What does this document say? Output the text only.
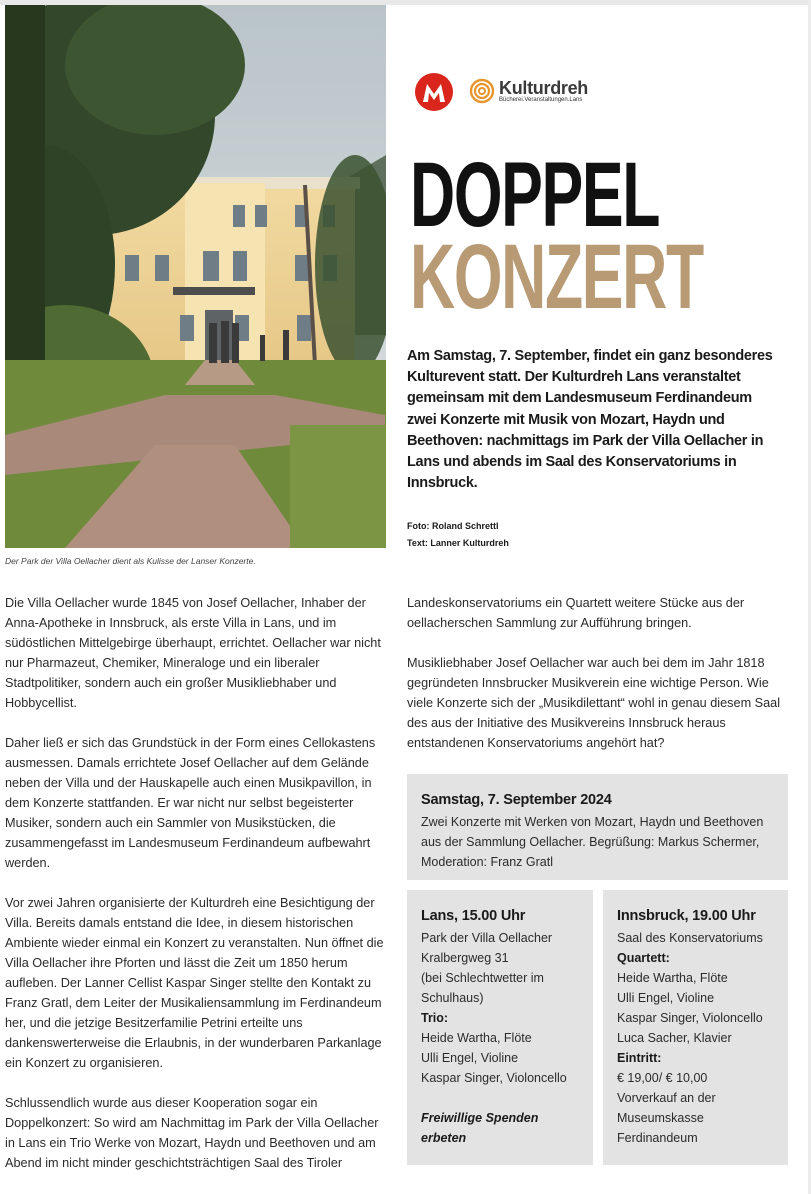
Der Park der Villa Oellacher dient als Kulisse der Lanser Konzerte.
Kulturdreh
Bücherei.Veranstaltungen.Lans
DOPPEL
KONZERT
Am Samstag, 7. September, findet ein ganz besonderes Kulturevent statt. Der Kulturdreh Lans veranstaltet gemeinsam mit dem Landesmuseum Ferdinandeum zwei Konzerte mit Musik von Mozart, Haydn und Beethoven: nachmittags im Park der Villa Oellacher in Lans und abends im Saal des Konservatoriums in Innsbruck.
Foto: Roland Schrettl
Text: Lanner Kulturdreh

Die Villa Oellacher wurde 1845 von Josef Oellacher, Inhaber der Anna-Apotheke in Innsbruck, als erste Villa in Lans, und im südöstlichen Mittelgebirge überhaupt, errichtet. Oellacher war nicht nur Pharmazeut, Chemiker, Mineraloge und ein liberaler Stadtpolitiker, sondern auch ein großer Musikliebhaber und Hobbycellist.

Daher ließ er sich das Grundstück in der Form eines Cellokastens ausmessen. Damals errichtete Josef Oellacher auf dem Gelände neben der Villa und der Hauskapelle auch einen Musikpavillon, in dem Konzerte stattfanden. Er war nicht nur selbst begeisterter Musiker, sondern auch ein Sammler von Musikstücken, die zusammengefasst im Landesmuseum Ferdinandeum aufbewahrt werden.

Vor zwei Jahren organisierte der Kulturdreh eine Besichtigung der Villa. Bereits damals entstand die Idee, in diesem historischen Ambiente wieder einmal ein Konzert zu veranstalten. Nun öffnet die Villa Oellacher ihre Pforten und lässt die Zeit um 1850 herum aufleben. Der Lanner Cellist Kaspar Singer stellte den Kontakt zu Franz Gratl, dem Leiter der Musikaliensammlung im Ferdinandeum her, und die jetzige Besitzerfamilie Petrini erteilte uns dankenswerterweise die Erlaubnis, in der wunderbaren Parkanlage ein Konzert zu organisieren.

Schlussendlich wurde aus dieser Kooperation sogar ein Doppelkonzert: So wird am Nachmittag im Park der Villa Oellacher in Lans ein Trio Werke von Mozart, Haydn und Beethoven und am Abend im nicht minder geschichtsträchtigen Saal des Tiroler

Landeskonservatoriums ein Quartett weitere Stücke aus der oellacherschen Sammlung zur Aufführung bringen.

Musikliebhaber Josef Oellacher war auch bei dem im Jahr 1818 gegründeten Innsbrucker Musikverein eine wichtige Person. Wie viele Konzerte sich der „Musikdilettant“ wohl in genau diesem Saal des aus der Initiative des Musikvereins Innsbruck heraus entstandenen Konservatoriums angehört hat?

Samstag, 7. September 2024
Zwei Konzerte mit Werken von Mozart, Haydn und Beethoven aus der Sammlung Oellacher. Begrüßung: Markus Schermer, Moderation: Franz Gratl
Lans, 15.00 Uhr
Park der Villa Oellacher
Kralbergweg 31
(bei Schlechtwetter im Schulhaus)
Trio:
Heide Wartha, Flöte
Ulli Engel, Violine
Kaspar Singer, Violoncello
Freiwillige Spenden erbeten
Innsbruck, 19.00 Uhr
Saal des Konservatoriums
Quartett:
Heide Wartha, Flöte
Ulli Engel, Violine
Kaspar Singer, Violoncello
Luca Sacher, Klavier
Eintritt:
€ 19,00/ € 10,00
Vorverkauf an der Museumskasse Ferdinandeum
